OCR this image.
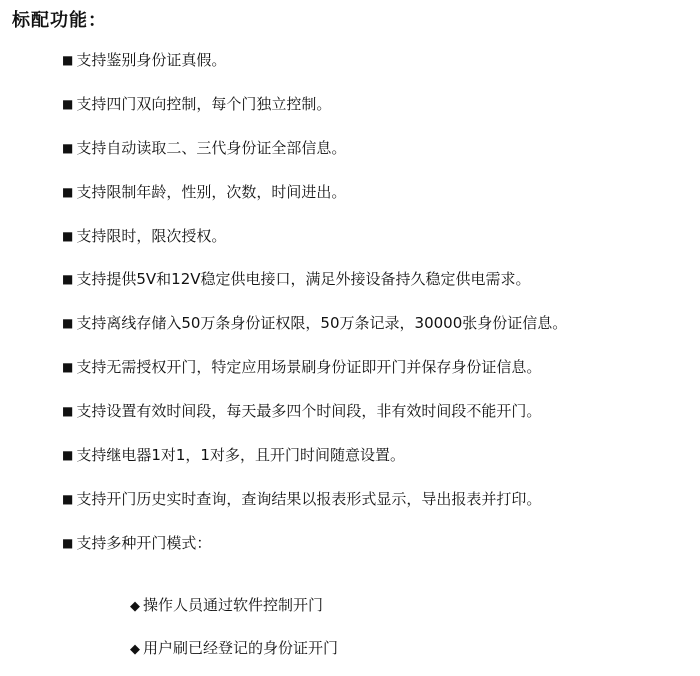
标配功能：
■ 支持鉴别身份证真假。
■ 支持四门双向控制，每个门独立控制。
■ 支持自动读取二、三代身份证全部信息。
■ 支持限制年龄，性别，次数，时间进出。
■ 支持限时，限次授权。
■ 支持提供5V和12V稳定供电接口，满足外接设备持久稳定供电需求。
■ 支持离线存储入50万条身份证权限，50万条记录，30000张身份证信息。
■ 支持无需授权开门，特定应用场景刷身份证即开门并保存身份证信息。
■ 支持设置有效时间段，每天最多四个时间段，非有效时间段不能开门。
■ 支持继电器1对1，1对多，且开门时间随意设置。
■ 支持开门历史实时查询，查询结果以报表形式显示，导出报表并打印。
■ 支持多种开门模式：
◆ 操作人员通过软件控制开门
◆ 用户刷已经登记的身份证开门
